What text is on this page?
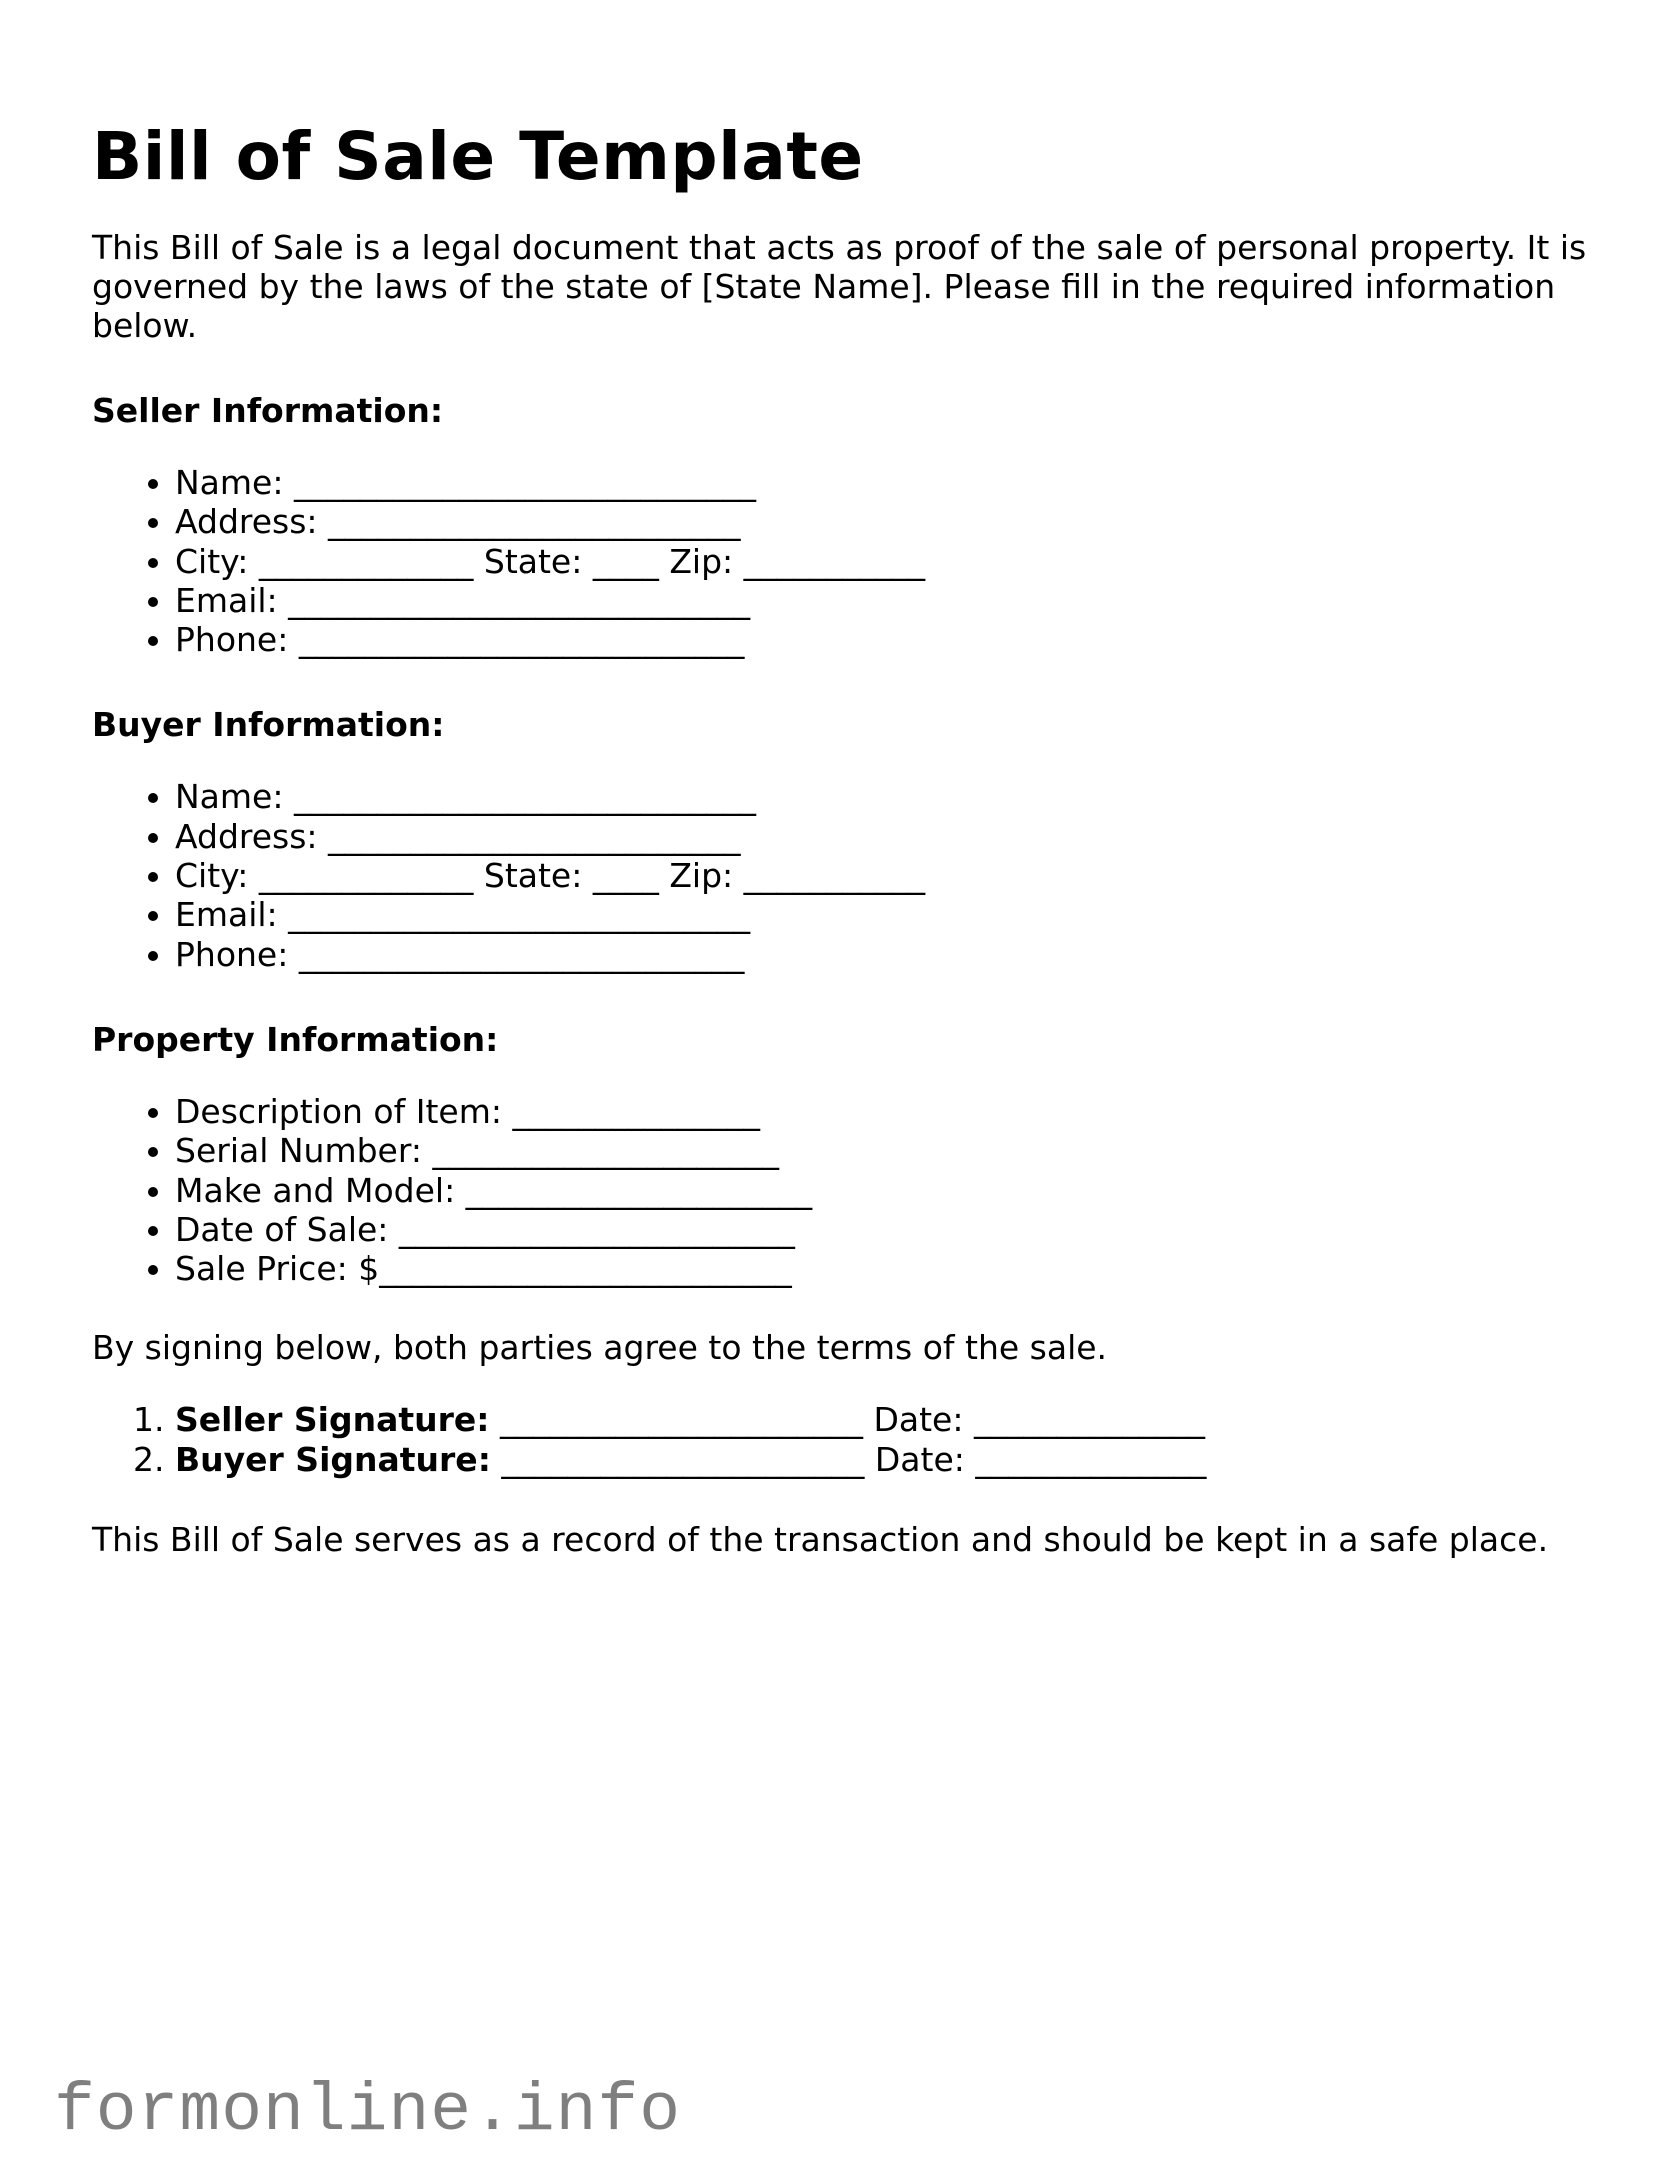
Bill of Sale Template

This Bill of Sale is a legal document that acts as proof of the sale of personal property. It is governed by the laws of the state of [State Name]. Please fill in the required information below.

Seller Information:

• Name: ____________________________
• Address: _________________________
• City: _____________ State: ____ Zip: ___________
• Email: ____________________________
• Phone: ___________________________

Buyer Information:

• Name: ____________________________
• Address: _________________________
• City: _____________ State: ____ Zip: ___________
• Email: ____________________________
• Phone: ___________________________

Property Information:

• Description of Item: _______________
• Serial Number: _____________________
• Make and Model: _____________________
• Date of Sale: ________________________
• Sale Price: $_________________________

By signing below, both parties agree to the terms of the sale.

1. Seller Signature: ______________________ Date: ______________
2. Buyer Signature: ______________________ Date: ______________

This Bill of Sale serves as a record of the transaction and should be kept in a safe place.

formonline.info
